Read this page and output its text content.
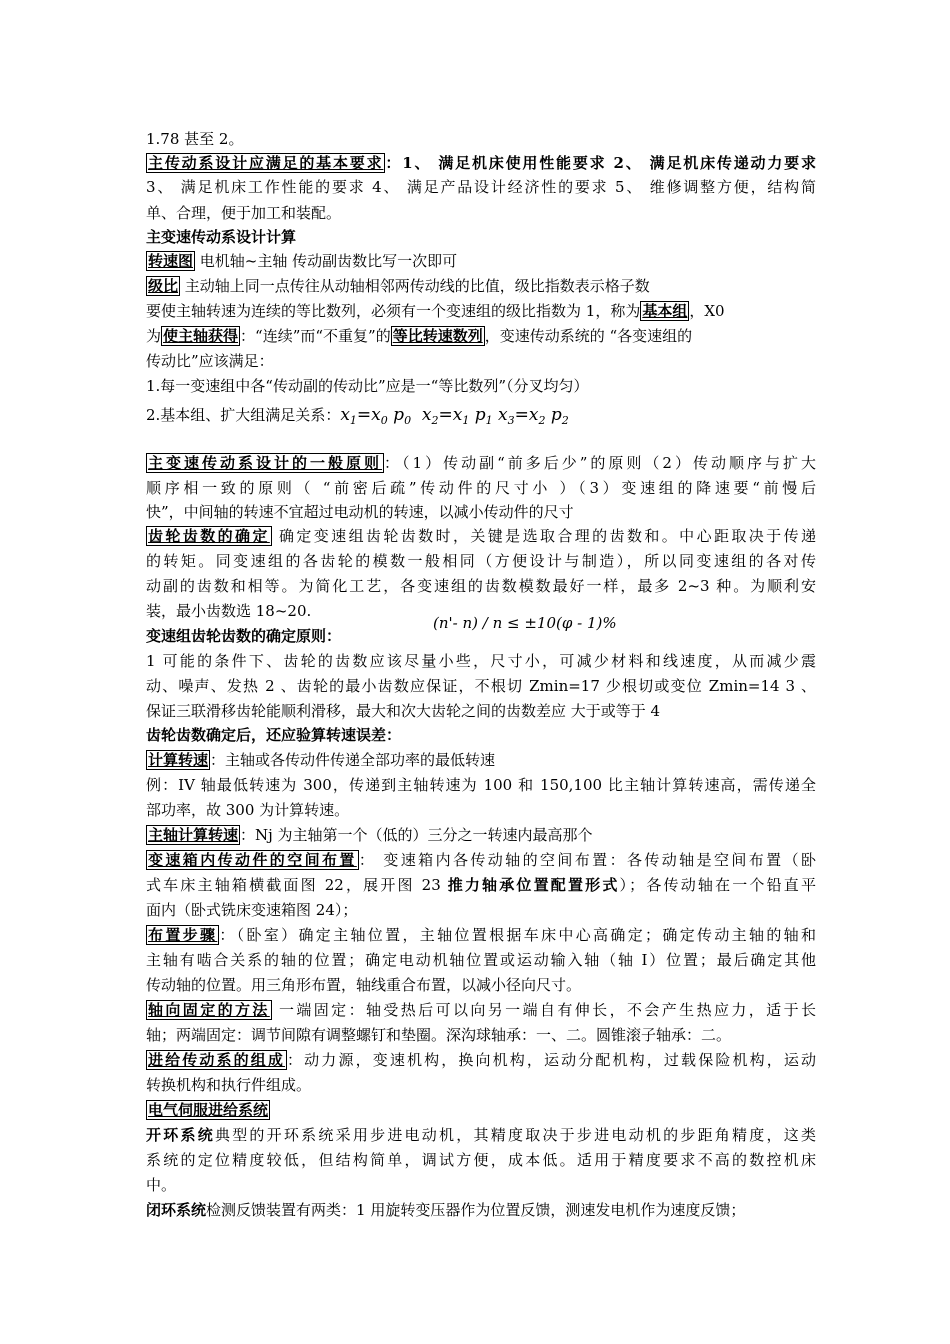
1.78 甚至 2。
主传动系设计应满足的基本要求 ：1、 满足机床使用性能要求 2、 满足机床传递动力要求
3、 满足机床工作性能的要求 4、 满足产品设计经济性的要求 5、 维修调整方便，结构简
单、合理，便于加工和装配。
主变速传动系设计计算
转速图 电机轴~主轴 传动副齿数比写一次即可
级比 主动轴上同一点传往从动轴相邻两传动线的比值，级比指数表示格子数
要使主轴转速为连续的等比数列，必须有一个变速组的级比指数为 1，称为 基本组 ，X0
为 使主轴获得 ：“连续”而“不重复”的 等比转速数列 ，变速传动系统的 “各变速组的
传动比”应该满足：
1.每一变速组中各“传动副的传动比”应是一“等比数列”（分叉均匀）
2.基本组、扩大组满足关系：$x_1=x_0$ $p_0$  $x_2=x_1$ $p_1$ $x_3=x_2$ $p_2$
主变速传动系设计的一般原则 ：（1）传动副“前多后少”的原则（2）传动顺序与扩大
顺序相一致的原则（ “前密后疏”传动件的尺寸小 ）（3）变速组的降速要“前慢后
快”，中间轴的转速不宜超过电动机的转速，以减小传动件的尺寸
齿轮齿数的确定 确定变速组齿轮齿数时，关键是选取合理的齿数和。中心距取决于传递
的转矩。同变速组的各齿轮的模数一般相同（方便设计与制造），所以同变速组的各对传
动副的齿数和相等。为简化工艺，各变速组的齿数模数最好一样，最多 2~3 种。为顺利安
装，最小齿数选 18~20.
(n'- n) / n ≤ ±10(φ - 1)%
变速组齿轮齿数的确定原则：
1 可能的条件下、齿轮的齿数应该尽量小些，尺寸小，可减少材料和线速度，从而减少震
动、噪声、发热 2 、齿轮的最小齿数应保证，不根切 Zmin=17 少根切或变位 Zmin=14 3 、
保证三联滑移齿轮能顺利滑移，最大和次大齿轮之间的齿数差应 大于或等于 4
齿轮齿数确定后，还应验算转速误差：
计算转速 ：主轴或各传动件传递全部功率的最低转速
例：IV 轴最低转速为 300，传递到主轴转速为 100 和 150,100 比主轴计算转速高，需传递全
部功率，故 300 为计算转速。
主轴计算转速 ：Nj 为主轴第一个（低的）三分之一转速内最高那个
变速箱内传动件的空间布置 ： 变速箱内各传动轴的空间布置：各传动轴是空间布置（卧
式车床主轴箱横截面图 22，展开图 23 推力轴承位置配置形式）；各传动轴在一个铅直平
面内（卧式铣床变速箱图 24）；
布置步骤 ：（卧室）确定主轴位置，主轴位置根据车床中心高确定；确定传动主轴的轴和
主轴有啮合关系的轴的位置；确定电动机轴位置或运动输入轴（轴 I）位置；最后确定其他
传动轴的位置。用三角形布置，轴线重合布置，以减小径向尺寸。
轴向固定的方法 一端固定：轴受热后可以向另一端自有伸长，不会产生热应力，适于长
轴；两端固定：调节间隙有调整螺钉和垫圈。深沟球轴承：一、二。圆锥滚子轴承：二。
进给传动系的组成 ：动力源，变速机构，换向机构，运动分配机构，过载保险机构，运动
转换机构和执行件组成。
电气伺服进给系统
开环系统典型的开环系统采用步进电动机，其精度取决于步进电动机的步距角精度，这类
系统的定位精度较低，但结构简单，调试方便，成本低。适用于精度要求不高的数控机床
中。
闭环系统检测反馈装置有两类：1 用旋转变压器作为位置反馈，测速发电机作为速度反馈；
